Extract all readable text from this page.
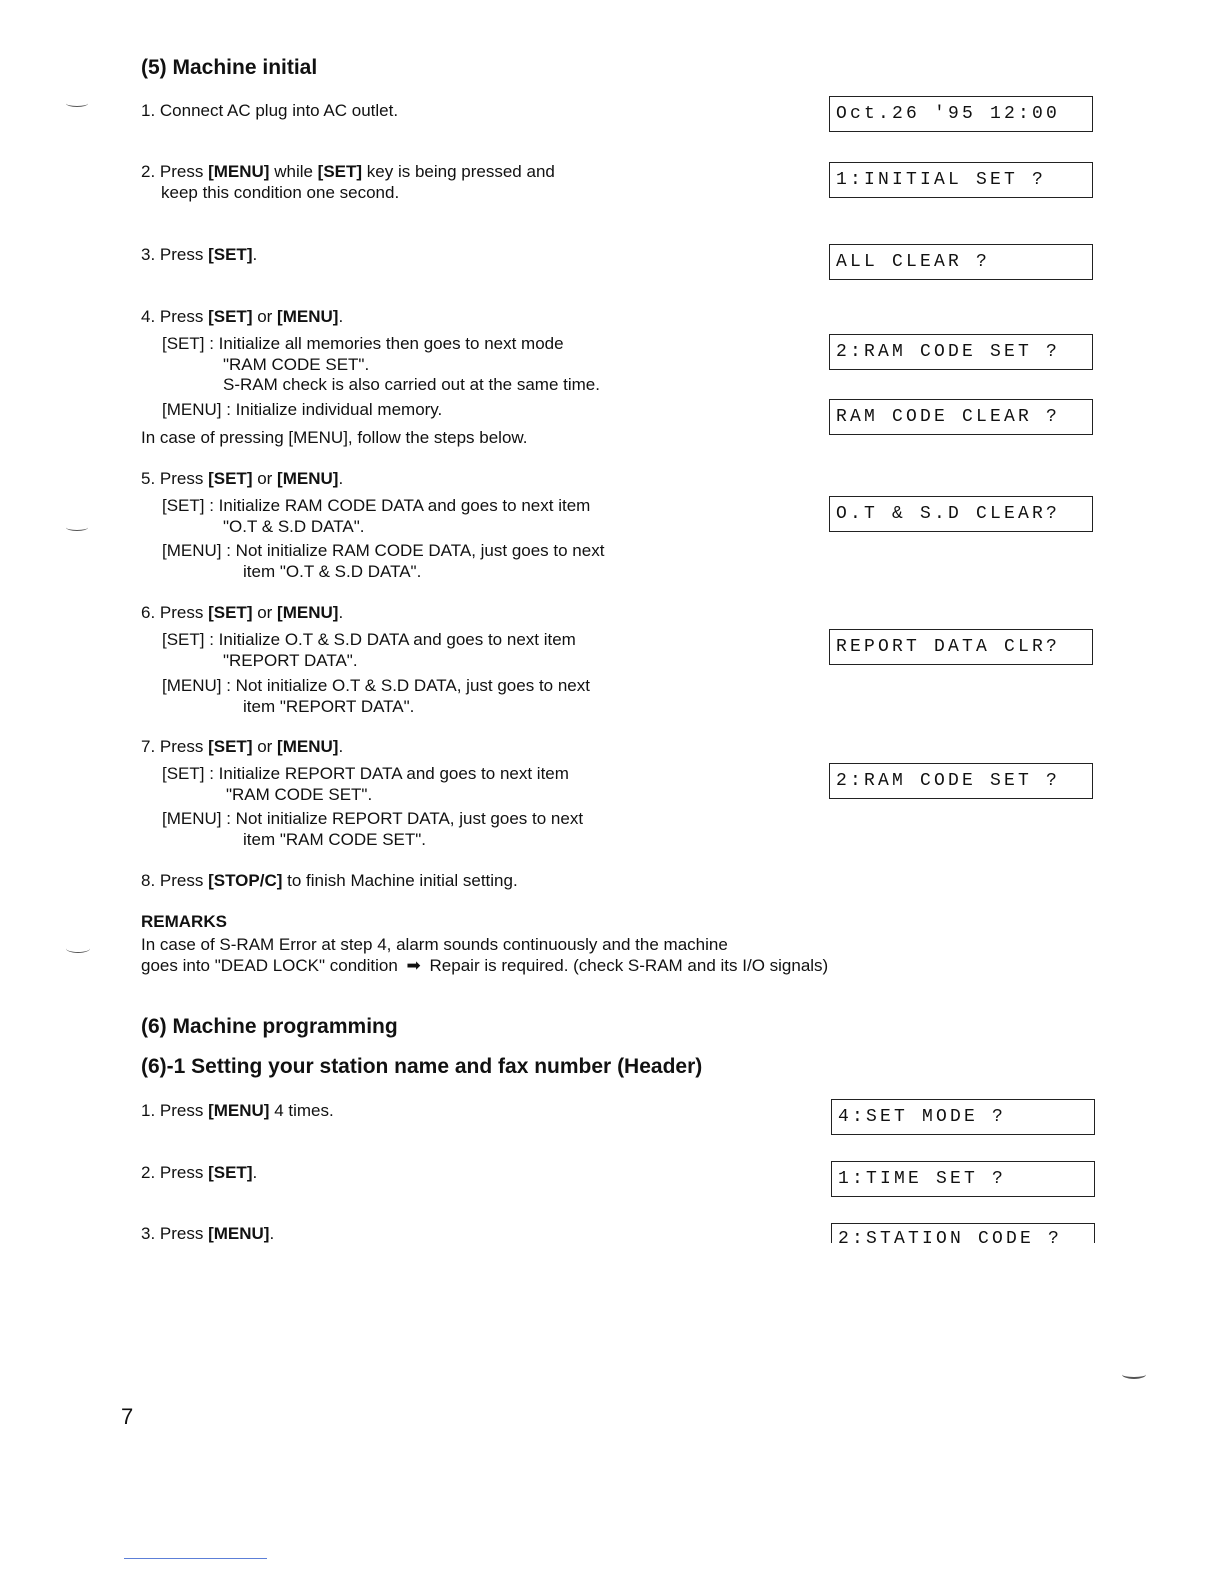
(5) Machine initial
1. Connect AC plug into AC outlet.
2. Press [MENU] while [SET] key is being pressed and
keep this condition one second.
3. Press [SET].
4. Press [SET] or [MENU].
[SET] : Initialize all memories then goes to next mode
"RAM CODE SET".
S-RAM check is also carried out at the same time.
[MENU] : Initialize individual memory.
In case of pressing [MENU], follow the steps below.
5. Press [SET] or [MENU].
[SET] : Initialize RAM CODE DATA and goes to next item
"O.T & S.D DATA".
[MENU] : Not initialize RAM CODE DATA, just goes to next
item "O.T & S.D DATA".
6. Press [SET] or [MENU].
[SET] : Initialize O.T & S.D DATA and goes to next item
"REPORT DATA".
[MENU] : Not initialize O.T & S.D DATA, just goes to next
item "REPORT DATA".
7. Press [SET] or [MENU].
[SET] : Initialize REPORT DATA and goes to next item
"RAM CODE SET".
[MENU] : Not initialize REPORT DATA, just goes to next
item "RAM CODE SET".
8. Press [STOP/C] to finish Machine initial setting.
REMARKS
In case of S-RAM Error at step 4, alarm sounds continuously and the machine
goes into "DEAD LOCK" condition ➡ Repair is required. (check S-RAM and its I/O signals)
Oct.26 '95 12:00
1:INITIAL SET ?
ALL CLEAR ?
2:RAM CODE SET ?
RAM CODE CLEAR ?
O.T & S.D CLEAR?
REPORT DATA CLR?
2:RAM CODE SET ?
(6) Machine programming
(6)-1 Setting your station name and fax number (Header)
1. Press [MENU] 4 times.
2. Press [SET].
3. Press [MENU].
4:SET MODE ?
1:TIME SET ?
2:STATION CODE ?
7
